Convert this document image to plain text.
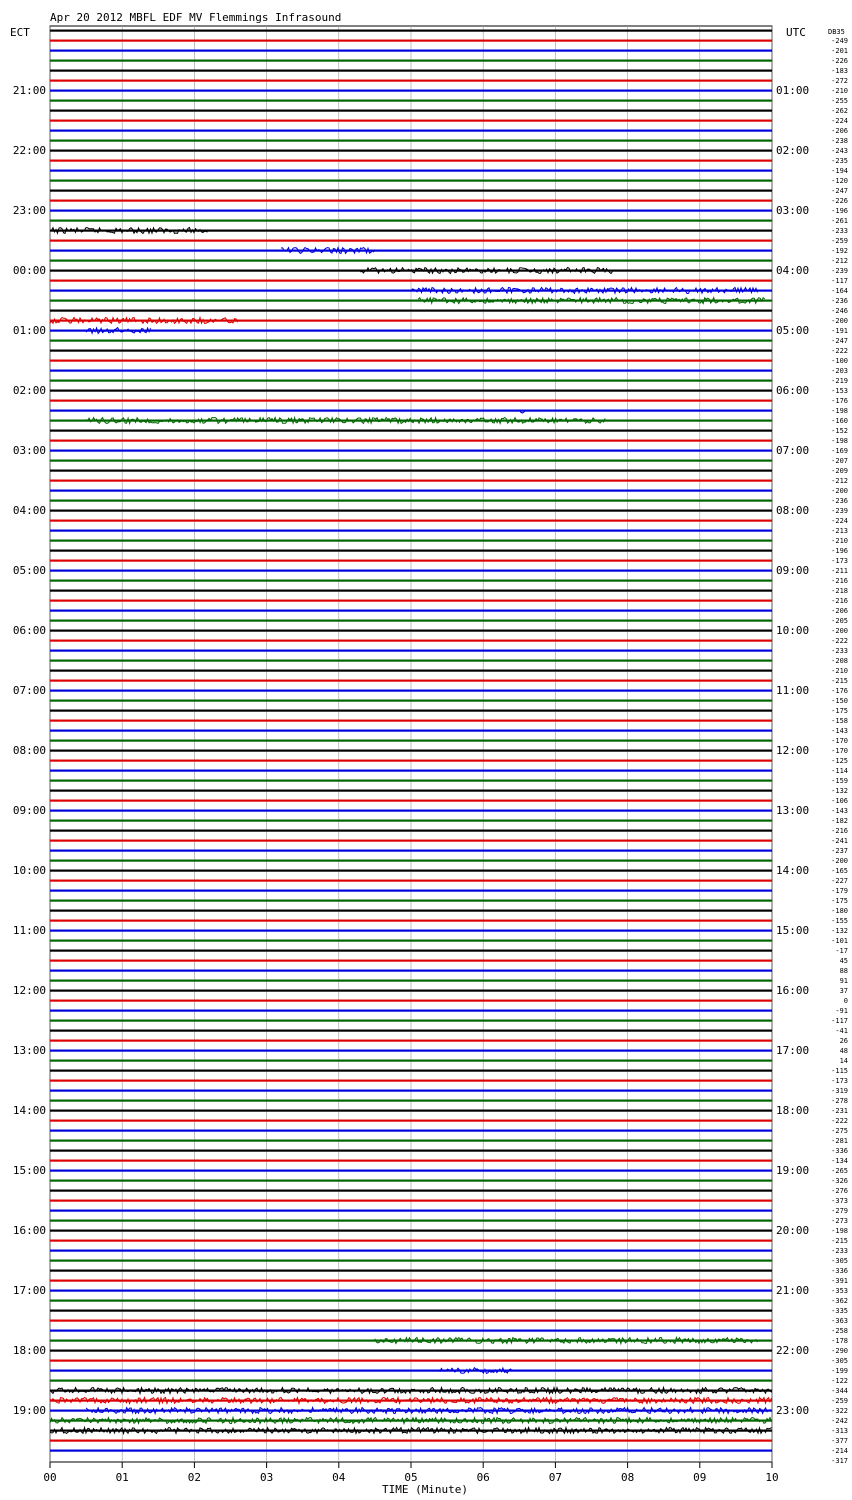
Apr 20 2012 MBFL EDF MV Flemmings Infrasound
ECT	UTC	DB35
21:00
22:00
23:00
00:00
01:00
02:00
03:00
04:00
05:00
06:00
07:00
08:00
09:00
10:00
11:00
12:00
13:00
14:00
15:00
16:00
17:00
18:00
19:00
01:00
02:00
03:00
04:00
05:00
06:00
07:00
08:00
09:00
10:00
11:00
12:00
13:00
14:00
15:00
16:00
17:00
18:00
19:00
20:00
21:00
22:00
23:00
-249
-201
-226
-183
-272
-210
-255
-262
-224
-206
-238
-243
-235
-194
-120
-247
-226
-196
-261
-233
-259
-192
-212
-239
-117
-164
-236
-246
-200
-191
-247
-222
-100
-203
-219
-153
-176
-198
-160
-152
-198
-169
-207
-209
-212
-200
-236
-239
-224
-213
-210
-196
-173
-211
-216
-218
-216
-206
-205
-200
-222
-233
-208
-210
-215
-176
-150
-175
-158
-143
-170
-170
-125
-114
-159
-132
-106
-143
-182
-216
-241
-237
-200
-165
-227
-179
-175
-180
-155
-132
-101
-17
45
88
91
37
0
-91
-117
-41
26
48
14
-115
-173
-319
-278
-231
-222
-275
-281
-336
-134
-265
-326
-276
-373
-279
-273
-198
-215
-233
-305
-336
-391
-353
-362
-335
-363
-258
-178
-290
-305
-199
-122
-344
-259
-322
-242
-313
-377
-214
-317
00	01	02	03	04	05	06	07	08	09	10
TIME (Minute)
